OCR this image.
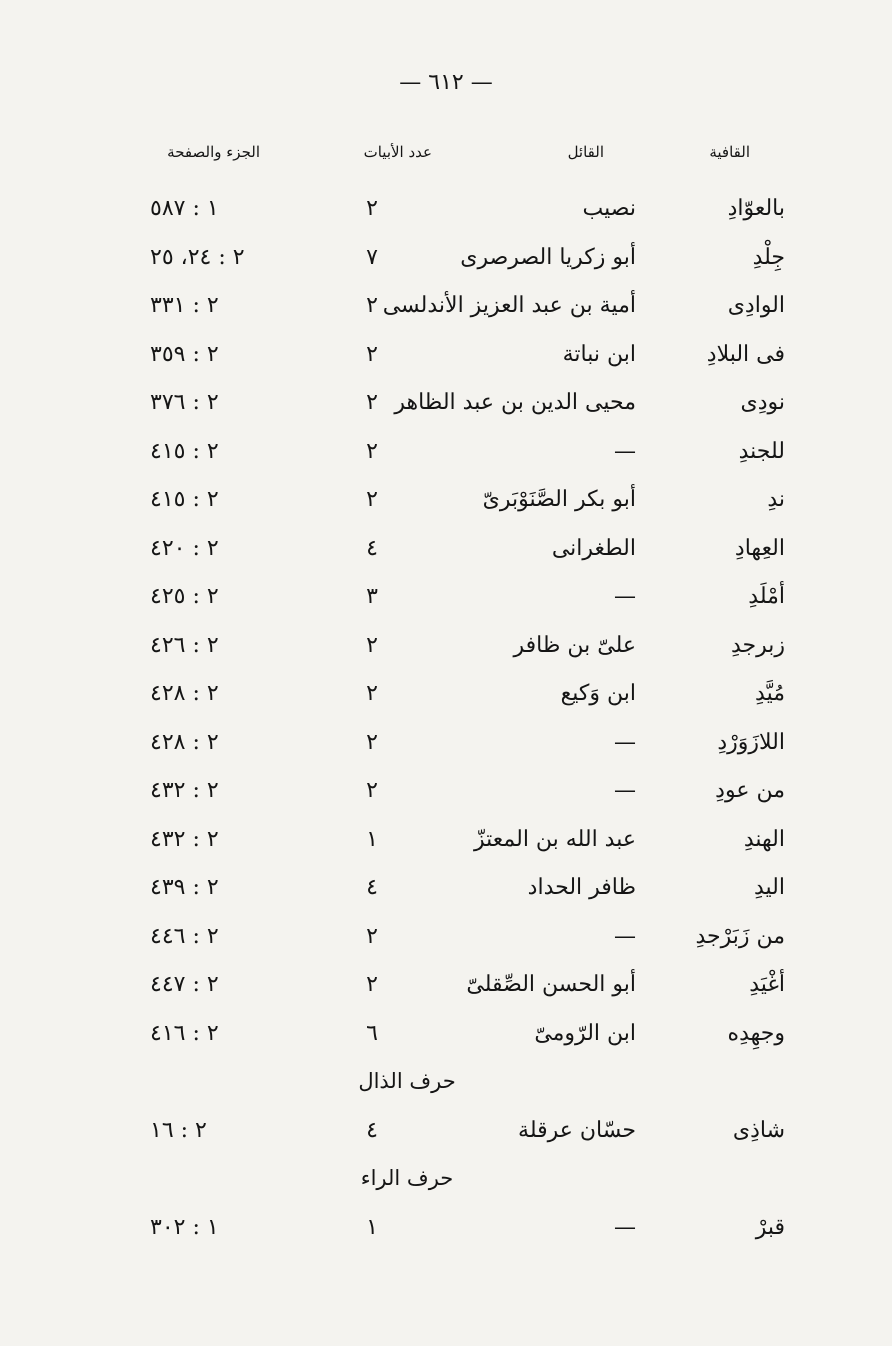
— ٦١٢ —
القافية
القائل
عدد الأبيات
الجزء والصفحة
بالعوّادِ
نصيب
٢
١ : ٥٨٧
جِلْدِ
أبو زكريا الصرصرى
٧
٢ : ٢٤، ٢٥
الوادِى
أمية بن عبد العزيز الأندلسى
٢
٢ : ٣٣١
فى البلادِ
ابن نباتة
٢
٢ : ٣٥٩
نودِى
محيى الدين بن عبد الظاهر
٢
٢ : ٣٧٦
للجندِ
—
٢
٢ : ٤١٥
ندِ
أبو بكر الصَّنَوْبَرىّ
٢
٢ : ٤١٥
العِهادِ
الطغرانى
٤
٢ : ٤٢٠
أمْلَدِ
—
٣
٢ : ٤٢٥
زبرجدِ
علىّ بن ظافر
٢
٢ : ٤٢٦
مُيَّدِ
ابن وَكيع
٢
٢ : ٤٢٨
اللازَوَرْدِ
—
٢
٢ : ٤٢٨
من عودِ
—
٢
٢ : ٤٣٢
الهندِ
عبد الله بن المعتزّ
١
٢ : ٤٣٢
اليدِ
ظافر الحداد
٤
٢ : ٤٣٩
من زَبَرْجدِ
—
٢
٢ : ٤٤٦
أغْيَدِ
أبو الحسن الصِّقلىّ
٢
٢ : ٤٤٧
وجهِدِه
ابن الرّومىّ
٦
٢ : ٤١٦
حرف الذال
شاذِى
حسّان عرقلة
٤
٢ : ١٦
حرف الراء
قبرْ
—
١
١ : ٣٠٢
